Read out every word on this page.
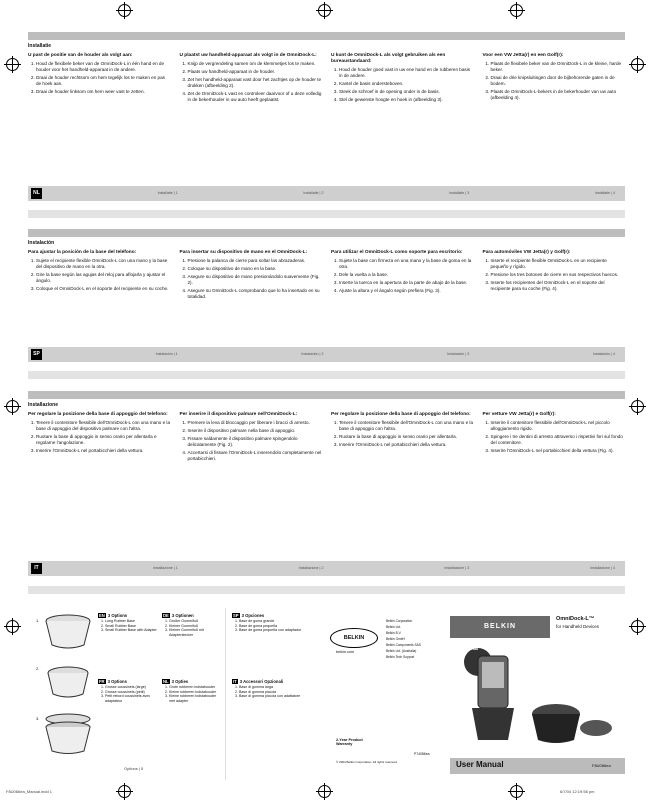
Installatie
U past de positie van de houder als volgt aan:
1. Houd de flexibele beker van de OmniDock-L in één hand en de houder voor het handheld-apparaat in de andere.
2. Draai de houder rechtsom om hem tegelijk los te maken en pas de hoek aan.
3. Draai de houder linksom om hem weer vast te zetten.
U plaatst uw handheld-apparaat als volgt in de OmniDock-L:
1. Knijp de vergrendeling samen om de klemmetjes los te maken.
2. Plaats uw handheld-apparaat in de houder.
3. Zet het handheld-apparaat vast door het zachtjes op de houder te drukken (afbeelding 2).
4. Zet de OmniDock-L vast en controleer daarvoor of u deze volledig in de bekerhouder in uw auto heeft geplaatst.
U kunt de OmniDock-L als volgt gebruiken als een bureaustandaard:
1. Houd de houder goed vast in uw ene hand en de rubberen basis in de andere.
2. Kantel de basis ondersteboven.
3. Steek de schroef in de opening onder in de basis.
4. Stel de gewenste hoogte en hoek in (afbeelding 3).
Voor een VW Jetta(r) en een Golf(r):
1. Plaats de flexibele beker van de OmniDock-L in de kleine, harde beker.
2. Draai de drie knipsluitingen door de bijbehorende gaten in de bodem.
3. Plaats de OmniDock-L-bekers in de bekerhouder van uw auto (afbeelding 4).
NL	Installatie | 1	Installatie | 2	Installatie | 3	Installatie | 4
Instalación
Para ajustar la posición de la base del teléfono:
1. Sujete el recipiente flexible OmniDock-L con una mano y la base del dispositivo de mano en la otra.
2. Gire la base según las agujas del reloj para aflojarla y ajustar el ángulo.
3. Coloque el OmniDock-L en el soporte del recipiente en su coche.
Para insertar su dispositivo de mano en el OmniDock-L:
1. Presione la palanca de cierre para soltar las abrazaderas.
2. Coloque su dispositivo de mano en la base.
3. Asegure su dispositivo de mano presionándolo suavemente (Fig. 2).
4. Asegure su OmniDock-L comprobando que lo ha insertado en su totalidad.
Para utilizar el OmniDock-L como soporte para escritorio:
1. Sujete la base con firmeza en una mano y la base de goma en la otra.
2. Dele la vuelta a la base.
3. Inserte la tuerca en la apertura de la parte de abajo de la base.
4. Ajuste la altura y el ángulo según prefiera (Fig. 3).
Para automóviles VW Jetta(r) y Golf(r):
1. Inserte el recipiente flexible OmniDock-L en un recipiente pequeño y rígido.
2. Presione los tres botones de cierre en sus respectivos huecos.
3. Inserte los recipientes del OmniDock-L en el soporte del recipiente para su coche (Fig. 4).
SP	Instalación | 1	Instalación | 2	Instalación | 3	Instalación | 4
Installazione
Per regolare la posizione della base di appoggio del telefono:
1. Tenere il contenitore flessibile dell'OmniDock-L con una mano e la base di appoggio del dispositivo palmare con l'altra.
2. Ruotare la base di appoggio in senso orario per allentarla e regolarne l'angolazione.
3. Inserire l'OmniDock-L nel portabicchieri della vettura.
Per inserire il dispositivo palmare nell'OmniDock-L:
1. Premere la leva di bloccaggio per liberare i bracci di arresto.
2. Inserire il dispositivo palmare nella base di appoggio.
3. Fissare saldamente il dispositivo palmare spingendolo delicatamente (Fig. 2).
4. Accertarsi di fissare l'OmniDock-L inserendolo completamente nel portabicchieri.
Per regolare la posizione della base di appoggio del telefono:
1. Tenere il contenitore flessibile dell'OmniDock-L con una mano e la base di appoggio con l'altra.
2. Ruotare la base di appoggio in senso orario per allentarla.
3. Inserire l'OmniDock-L nel portabicchieri della vettura.
Per vetture VW Jetta(r) e Golf(r):
1. Inserire il contenitore flessibile dell'OmniDock-L nel piccolo alloggiamento rigido.
2. Spingere i tre dentini di arresto attraverso i rispettivi fori sul fondo del contenitore.
3. Inserire l'OmniDock-L nel portabicchieri della vettura (Fig. 4).
IT	Installazione | 1	Installazione | 2	Installazione | 3	Installazione | 4
1.
2.
3.
EN 3 Options
1. Long Rubber Base
2. Small Rubber Base
3. Small Rubber Base with Adapter
FR 3 Options
1. Grosse coussinets (large)
2. Grosse coussinets (petit)
3. Petit rebord coussinets avec adaptateur
DE 3 Optionen
1. Großer Gummifuß
2. Kleiner Gummifuß
3. Kleiner Gummifuß mit Adapterstecker
NL 3 Opties
1. Grote rubberen bolstabouder
2. Kleine rubberen bolstabouder
3. Kleine rubberen bolstabouder met adapter
Options | 5
SP 3 Opciones
1. Base de goma grande
2. Base de goma pequeña
3. Base de goma pequeña con adaptador
IT 3 Accessori Opzionali
1. Base di gomma larga
2. Base di gomma piccola
3. Base di gomma piccola con adattatore
BELKIN
belkin.com
Belkin Corporation
Belkin Ltd.
Belkin B.V.
Belkin GmbH
Belkin Components SAS
Belkin Ltd. (Australia)
Belkin Tech Support
2-Year Product Warranty
© 2004 Belkin Corporation. All rights reserved.
P74086ea
BELKIN
OmniDock-L™
for Handheld Devices
Universal
User Manual	F8U066ea
F8U066ea_Manual.indd 1	6/7/04 12:19:56 pm
